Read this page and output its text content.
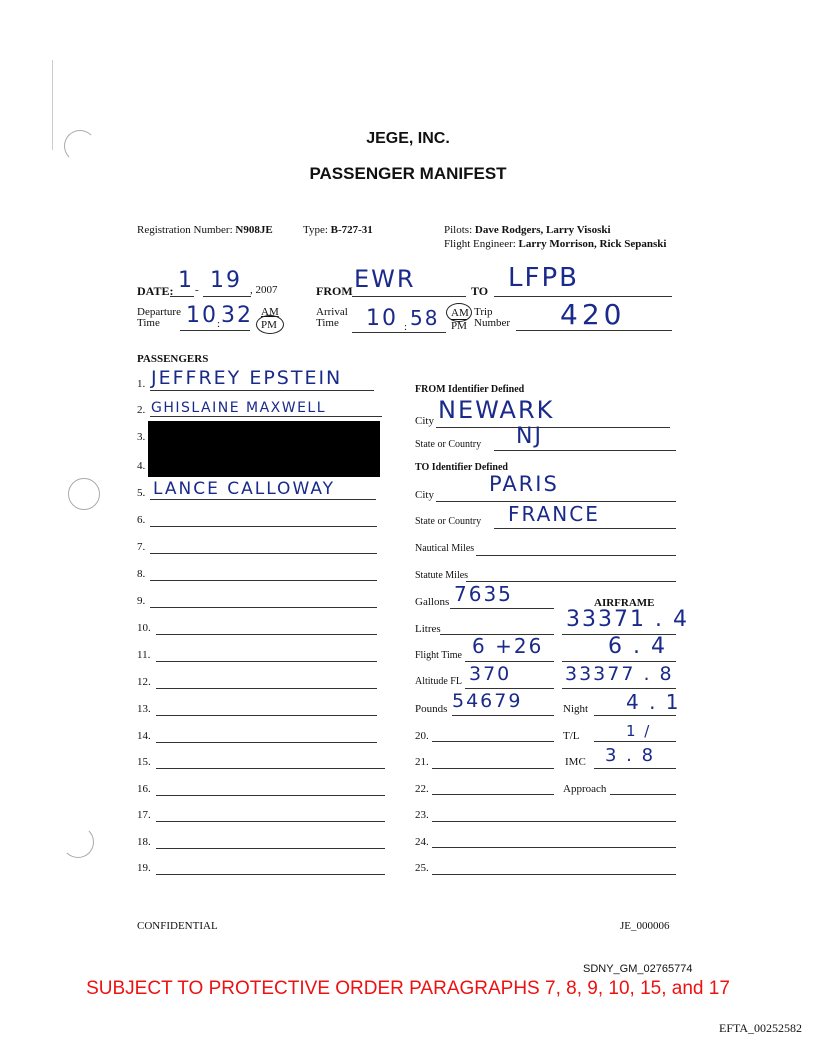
JEGE, INC.
PASSENGER MANIFEST
Registration Number: N908JE	Type: B-727-31	Pilots: Dave Rodgers, Larry Visoski
Flight Engineer: Larry Morrison, Rick Sepanski
DATE: 1 - 19 , 2007	FROM EWR	TO LFPB
Departure
Time	10 : 32 AM
PM
Arrival
Time	10 : 58 AM
$\overline{PM}$
Trip
Number 420
PASSENGERS
1. JEFFREY EPSTEIN
2. GHISLAINE MAXWELL
3.
4.
5. LANCE CALLOWAY
6.
7.
8.
9.
10.
11.
12.
13.
14.
15.
16.
17.
18.
19.
FROM Identifier Defined
City NEWARK
State or Country NJ
TO Identifier Defined
City	PARIS
State or Country FRANCE
Nautical Miles
Statute Miles
Gallons 7635	AIRFRAME
Litres	33371 . 4
Flight Time 6 +26	6 . 4
Altitude FL 370	33377 . 8
Pounds 54679	Night 4 . 1
20.	T/L	1 /
21.	IMC 3 . 8
22.	Approach
23.
24.
25.
CONFIDENTIAL	JE_000006
SDNY_GM_02765774
SUBJECT TO PROTECTIVE ORDER PARAGRAPHS 7, 8, 9, 10, 15, and 17
EFTA_00252582
